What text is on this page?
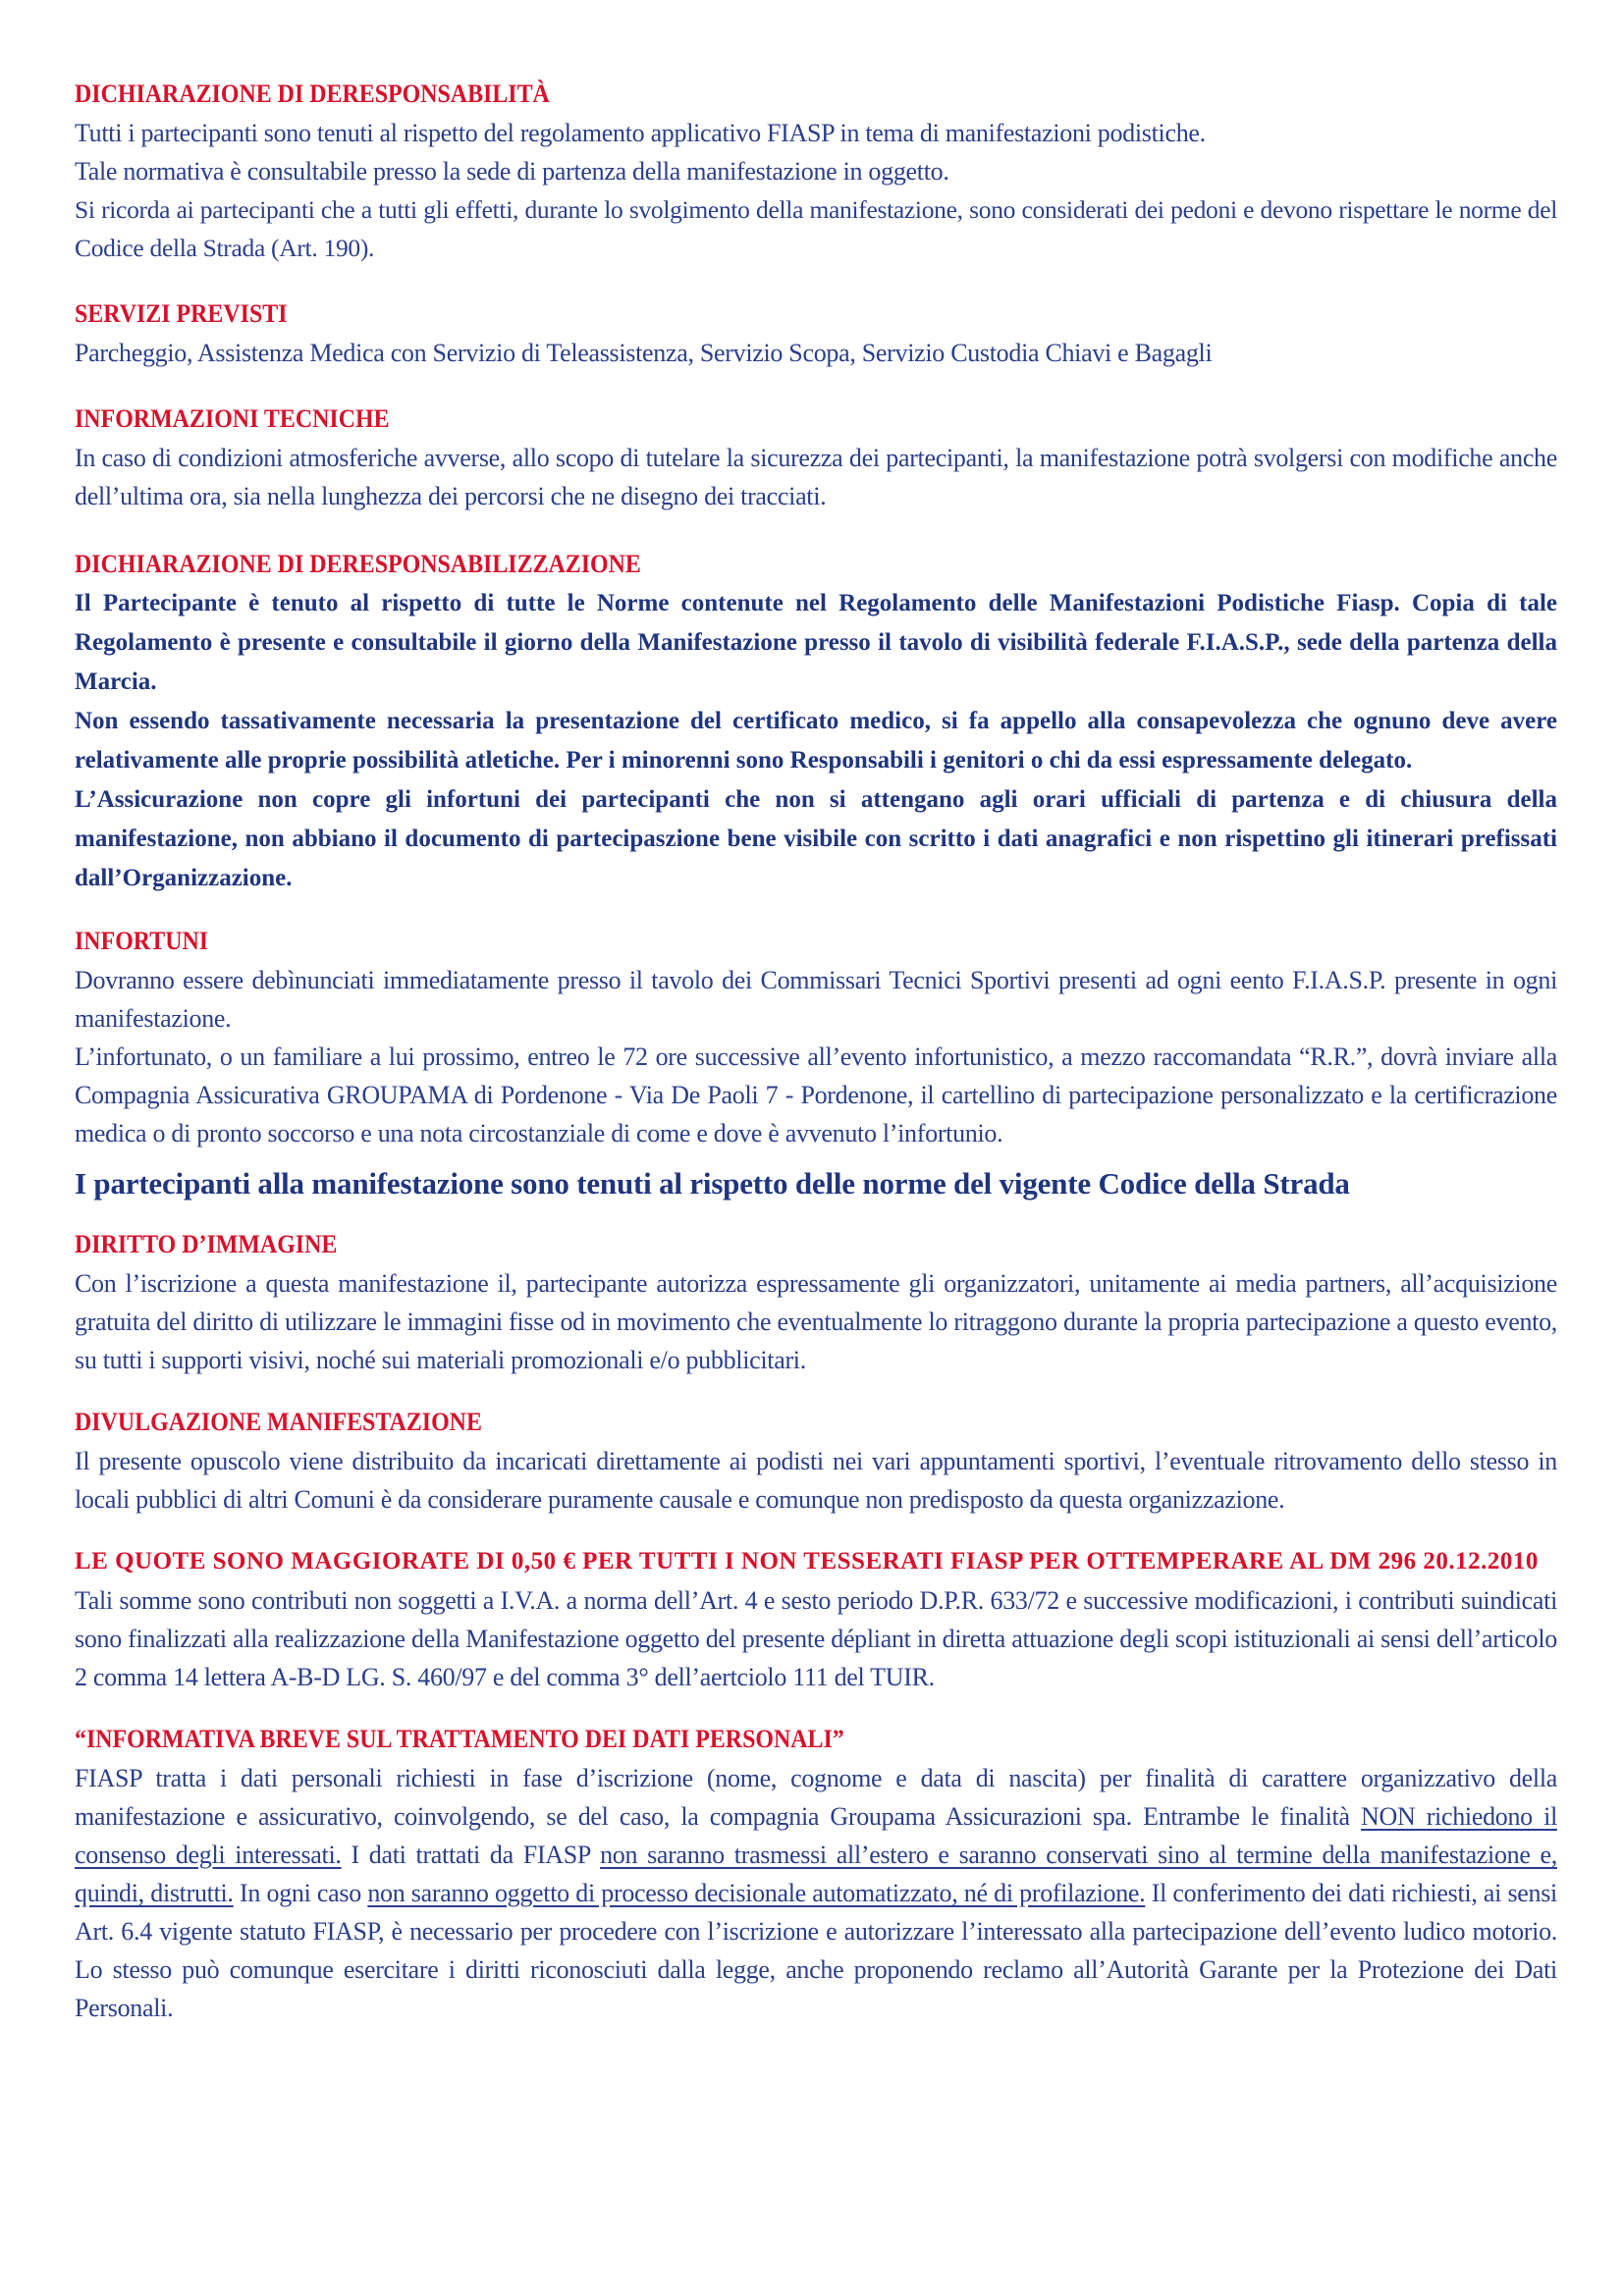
DICHIARAZIONE DI DERESPONSABILITÀ

Tutti i partecipanti sono tenuti al rispetto del regolamento applicativo FIASP in tema di manifestazioni podistiche.

Tale normativa è consultabile presso la sede di partenza della manifestazione in oggetto.

Si ricorda ai partecipanti che a tutti gli effetti, durante lo svolgimento della manifestazione, sono considerati dei pedoni e devono rispettare le norme del Codice della Strada (Art. 190).

SERVIZI PREVISTI

Parcheggio, Assistenza Medica con Servizio di Teleassistenza, Servizio Scopa, Servizio Custodia Chiavi e Bagagli

INFORMAZIONI TECNICHE

In caso di condizioni atmosferiche avverse, allo scopo di tutelare la sicurezza dei partecipanti, la manifestazione potrà svolgersi con modifiche anche dell’ultima ora, sia nella lunghezza dei percorsi che ne disegno dei tracciati.

DICHIARAZIONE DI DERESPONSABILIZZAZIONE

Il Partecipante è tenuto al rispetto di tutte le Norme contenute nel Regolamento delle Manifestazioni Podistiche Fiasp. Copia di tale Regolamento è presente e consultabile il giorno della Manifestazione presso il tavolo di visibilità federale F.I.A.S.P., sede della partenza della Marcia.

Non essendo tassativamente necessaria la presentazione del certificato medico, si fa appello alla consapevolezza che ognuno deve avere relativamente alle proprie possibilità atletiche. Per i minorenni sono Responsabili i genitori o chi da essi espressamente delegato.

L’Assicurazione non copre gli infortuni dei partecipanti che non si attengano agli orari ufficiali di partenza e di chiusura della manifestazione, non abbiano il documento di partecipaszione bene visibile con scritto i dati anagrafici e non rispettino gli itinerari prefissati dall’Organizzazione.

INFORTUNI

Dovranno essere debìnunciati immediatamente presso il tavolo dei Commissari Tecnici Sportivi presenti ad ogni eento F.I.A.S.P. presente in ogni manifestazione.

L’infortunato, o un familiare a lui prossimo, entreo le 72 ore successive all’evento infortunistico, a mezzo raccomandata “R.R.”, dovrà inviare alla Compagnia Assicurativa GROUPAMA di Pordenone - Via De Paoli 7 - Pordenone, il cartellino di partecipazione personalizzato e la certificrazione medica o di pronto soccorso e una nota circostanziale di come e dove è avvenuto l’infortunio.

I partecipanti alla manifestazione sono tenuti al rispetto delle norme del vigente Codice della Strada
DIRITTO D’IMMAGINE

Con l’iscrizione a questa manifestazione il, partecipante autorizza espressamente gli organizzatori, unitamente ai media partners, all’acquisizione gratuita del diritto di utilizzare le immagini fisse od in movimento che eventualmente lo ritraggono durante la propria partecipazione a questo evento, su tutti i supporti visivi, noché sui materiali promozionali e/o pubblicitari.

DIVULGAZIONE MANIFESTAZIONE

Il presente opuscolo viene distribuito da incaricati direttamente ai podisti nei vari appuntamenti sportivi, l’eventuale ritrovamento dello stesso in locali pubblici di altri Comuni è da considerare puramente causale e comunque non predisposto da questa organizzazione.

LE QUOTE SONO MAGGIORATE DI 0,50 € PER TUTTI I NON TESSERATI FIASP PER OTTEMPERARE AL DM 296 20.12.2010

Tali somme sono contributi non soggetti a I.V.A. a norma dell’Art. 4 e sesto periodo D.P.R. 633/72 e successive modificazioni, i contributi suindicati sono finalizzati alla realizzazione della Manifestazione oggetto del presente dépliant in diretta attuazione degli scopi istituzionali ai sensi dell’articolo 2 comma 14 lettera A-B-D LG. S. 460/97 e del comma 3° dell’aertciolo 111 del TUIR.

“INFORMATIVA BREVE SUL TRATTAMENTO DEI DATI PERSONALI”

FIASP tratta i dati personali richiesti in fase d’iscrizione (nome, cognome e data di nascita) per finalità di carattere organizzativo della manifestazione e assicurativo, coinvolgendo, se del caso, la compagnia Groupama Assicurazioni spa. Entrambe le finalità NON richiedono il consenso degli interessati. I dati trattati da FIASP non saranno trasmessi all’estero e saranno conservati sino al termine della manifestazione e, quindi, distrutti. In ogni caso non saranno oggetto di processo decisionale automatizzato, né di profilazione. Il conferimento dei dati richiesti, ai sensi Art. 6.4 vigente statuto FIASP, è necessario per procedere con l’iscrizione e autorizzare l’interessato alla partecipazione dell’evento ludico motorio. Lo stesso può comunque esercitare i diritti riconosciuti dalla legge, anche proponendo reclamo all’Autorità Garante per la Protezione dei Dati Personali.
